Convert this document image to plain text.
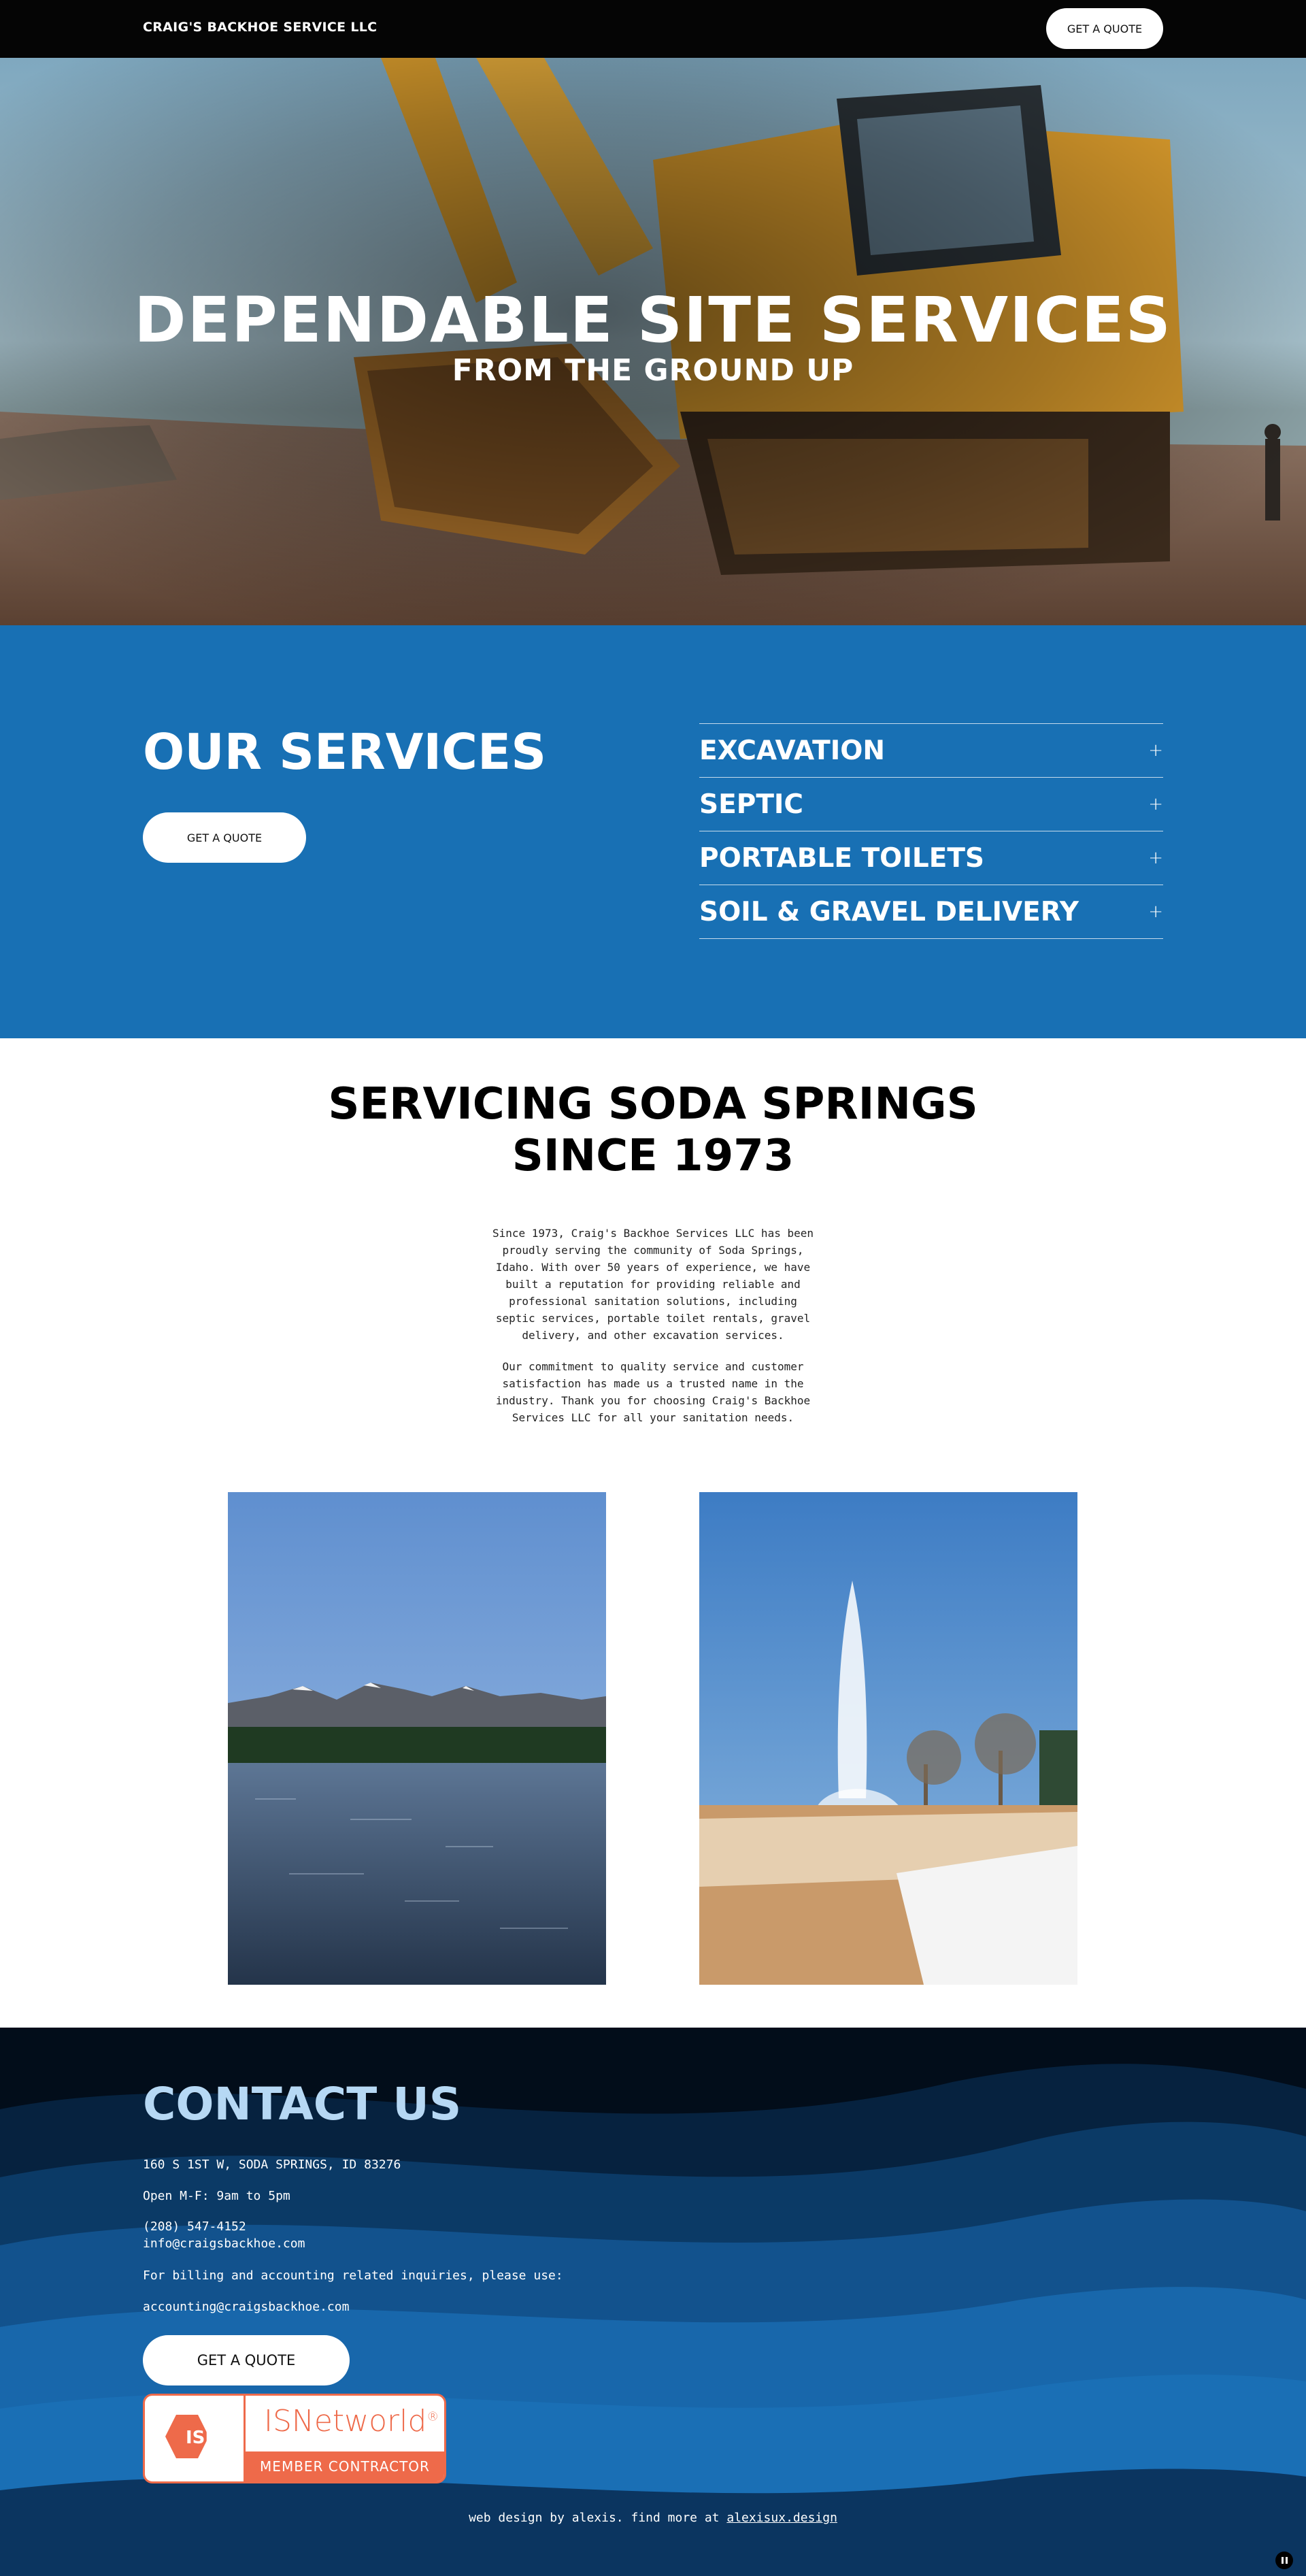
CRAIG'S BACKHOE SERVICE LLC	GET A QUOTE
DEPENDABLE SITE SERVICES
FROM THE GROUND UP
OUR SERVICES
GET A QUOTE
EXCAVATION	+
SEPTIC	+
PORTABLE TOILETS	+
SOIL & GRAVEL DELIVERY	+
SERVICING SODA SPRINGS
SINCE 1973

Since 1973, Craig's Backhoe Services LLC has been proudly serving the community of Soda Springs, Idaho. With over 50 years of experience, we have built a reputation for providing reliable and professional sanitation solutions, including septic services, portable toilet rentals, gravel delivery, and other excavation services.

Our commitment to quality service and customer satisfaction has made us a trusted name in the industry. Thank you for choosing Craig's Backhoe Services LLC for all your sanitation needs.

CONTACT US
160 S 1ST W, SODA SPRINGS, ID 83276
Open M-F: 9am to 5pm
(208) 547-4152
info@craigsbackhoe.com
For billing and accounting related inquiries, please use:
accounting@craigsbackhoe.com
GET A QUOTE
ISN ISNetworld®
MEMBER CONTRACTOR
web design by alexis. find more at alexisux.design
